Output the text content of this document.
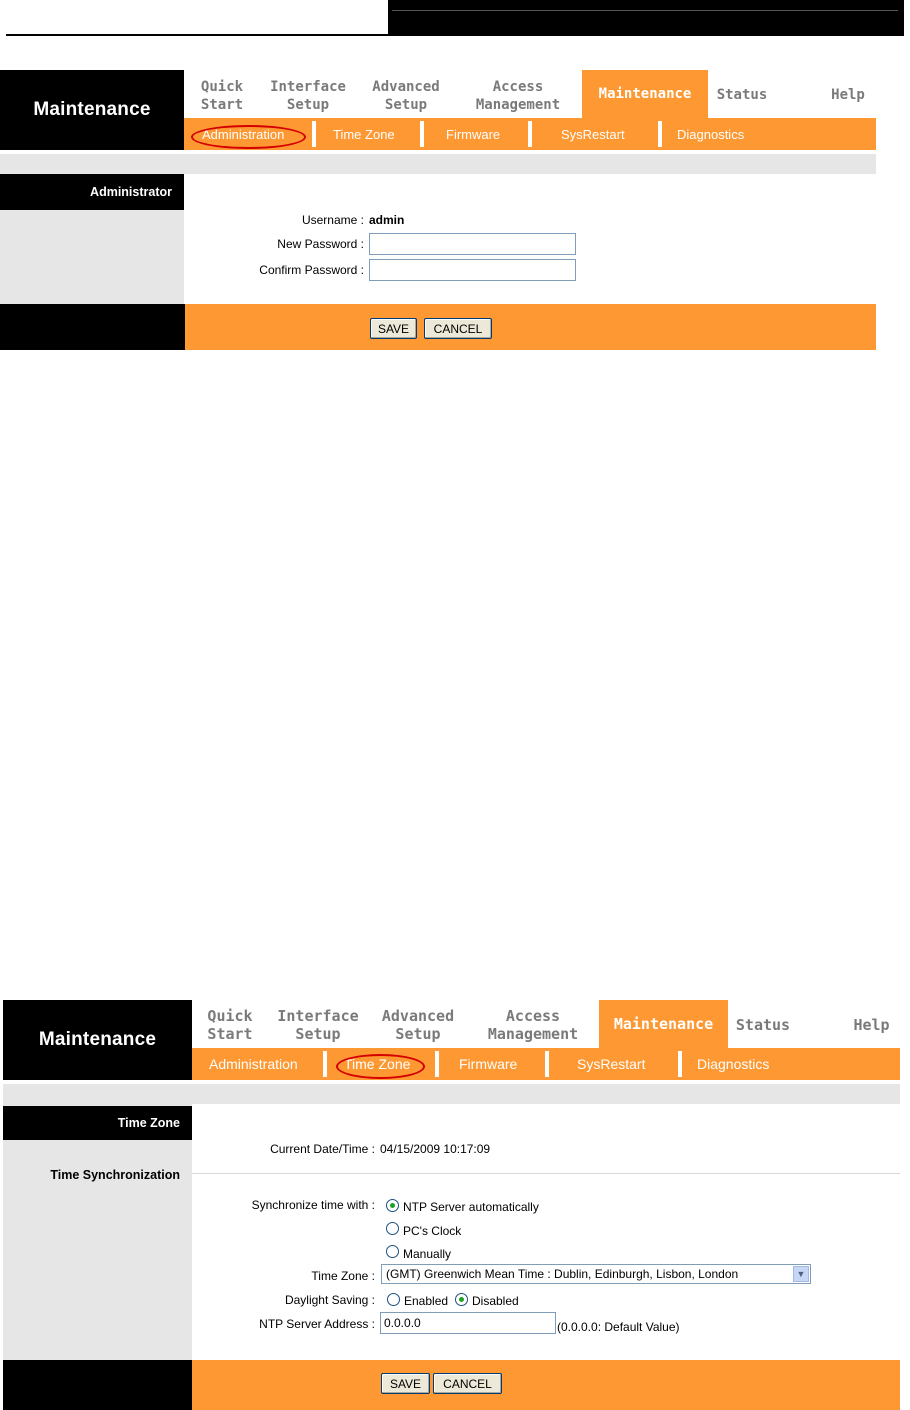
Maintenance
Quick
Start
Interface
Setup
Advanced
Setup
Access
Management
Maintenance	Status	Help
Administration	Time Zone	Firmware	SysRestart	Diagnostics
Administrator
Username : admin
New Password :
Confirm Password :
SAVE	CANCEL
Maintenance
Quick
Start
Interface
Setup
Advanced
Setup
Access
Management
Maintenance	Status	Help
Administration	Time Zone	Firmware	SysRestart	Diagnostics
Time Zone
Time Synchronization
Current Date/Time : 04/15/2009 10:17:09
Synchronize time with : NTP Server automatically
PC's Clock
Manually
Time Zone : (GMT) Greenwich Mean Time : Dublin, Edinburgh, Lisbon, London	▼
Daylight Saving : Enabled Disabled
NTP Server Address :
0.0.0.0	(0.0.0.0: Default Value)
SAVE	CANCEL
